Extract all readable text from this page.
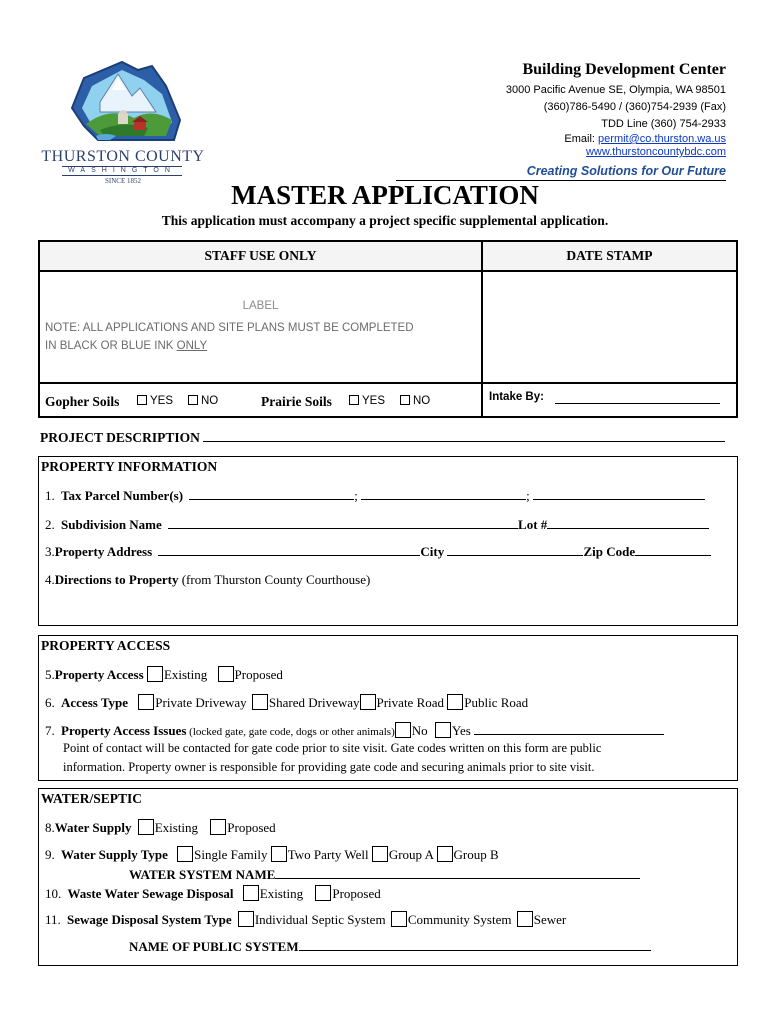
THURSTON COUNTY
WASHINGTON
SINCE 1852
Building Development Center
3000 Pacific Avenue SE, Olympia, WA 98501
(360)786-5490 / (360)754-2939 (Fax)
TDD Line (360) 754-2933
Email: permit@co.thurston.wa.us
www.thurstoncountybdc.com
Creating Solutions for Our Future
MASTER APPLICATION
This application must accompany a project specific supplemental application.
STAFF USE ONLY	DATE STAMP
LABEL
NOTE: ALL APPLICATIONS AND SITE PLANS MUST BE COMPLETED
IN BLACK OR BLUE INK ONLY
Gopher Soils	YES	NO	Prairie Soils	YES	NO	Intake By:
PROJECT DESCRIPTION
PROPERTY INFORMATION
1. Tax Parcel Number(s)	;	;
2. Subdivision Name	Lot #
3.Property Address	City	Zip Code
4.Directions to Property (from Thurston County Courthouse)
PROPERTY ACCESS
5.Property Access Existing Proposed
6. Access Type Private Driveway Shared Driveway Private Road Public Road
7. Property Access Issues (locked gate, gate code, dogs or other animals) No Yes
Point of contact will be contacted for gate code prior to site visit. Gate codes written on this form are public
information. Property owner is responsible for providing gate code and securing animals prior to site visit.
WATER/SEPTIC
8.Water Supply Existing Proposed
9. Water Supply Type Single Family Two Party Well Group A Group B
WATER SYSTEM NAME
10. Waste Water Sewage Disposal Existing Proposed
11. Sewage Disposal System Type Individual Septic System Community System Sewer
NAME OF PUBLIC SYSTEM
